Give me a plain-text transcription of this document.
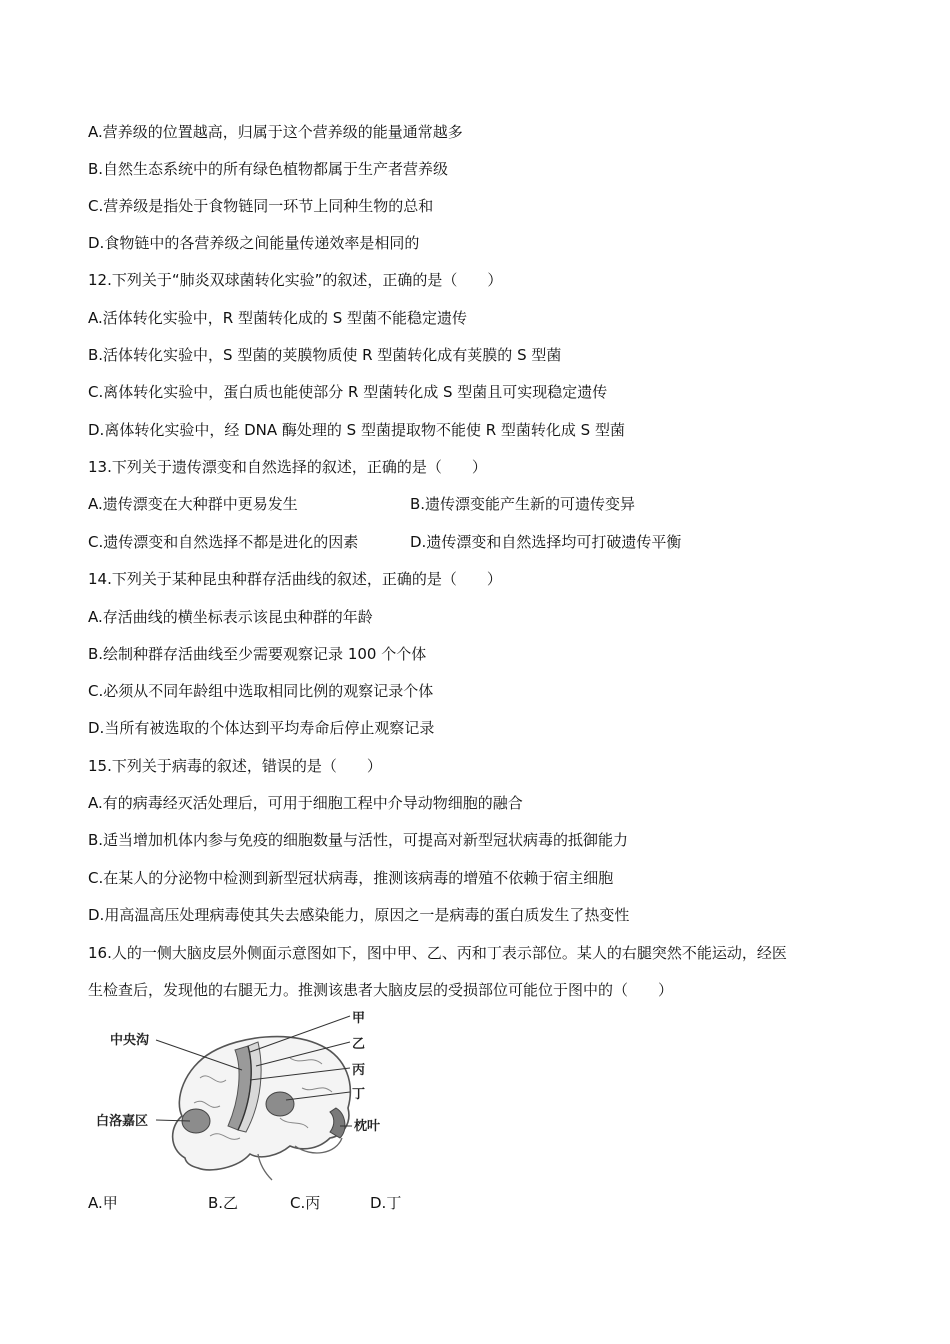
A.营养级的位置越高，归属于这个营养级的能量通常越多
B.自然生态系统中的所有绿色植物都属于生产者营养级
C.营养级是指处于食物链同一环节上同种生物的总和
D.食物链中的各营养级之间能量传递效率是相同的
12.下列关于“肺炎双球菌转化实验”的叙述，正确的是（　　）
A.活体转化实验中，R 型菌转化成的 S 型菌不能稳定遗传
B.活体转化实验中，S 型菌的荚膜物质使 R 型菌转化成有荚膜的 S 型菌
C.离体转化实验中，蛋白质也能使部分 R 型菌转化成 S 型菌且可实现稳定遗传
D.离体转化实验中，经 DNA 酶处理的 S 型菌提取物不能使 R 型菌转化成 S 型菌
13.下列关于遗传漂变和自然选择的叙述，正确的是（　　）
A.遗传漂变在大种群中更易发生	B.遗传漂变能产生新的可遗传变异
C.遗传漂变和自然选择不都是进化的因素	D.遗传漂变和自然选择均可打破遗传平衡
14.下列关于某种昆虫种群存活曲线的叙述，正确的是（　　）
A.存活曲线的横坐标表示该昆虫种群的年龄
B.绘制种群存活曲线至少需要观察记录 100 个个体
C.必须从不同年龄组中选取相同比例的观察记录个体
D.当所有被选取的个体达到平均寿命后停止观察记录
15.下列关于病毒的叙述，错误的是（　　）
A.有的病毒经灭活处理后，可用于细胞工程中介导动物细胞的融合
B.适当增加机体内参与免疫的细胞数量与活性，可提高对新型冠状病毒的抵御能力
C.在某人的分泌物中检测到新型冠状病毒，推测该病毒的增殖不依赖于宿主细胞
D.用高温高压处理病毒使其失去感染能力，原因之一是病毒的蛋白质发生了热变性
16.人的一侧大脑皮层外侧面示意图如下，图中甲、乙、丙和丁表示部位。某人的右腿突然不能运动，经医
生检查后，发现他的右腿无力。推测该患者大脑皮层的受损部位可能位于图中的（　　）
甲
乙
丙
丁
中央沟
白洛嘉区	枕叶
A.甲	B.乙	C.丙	D.丁
